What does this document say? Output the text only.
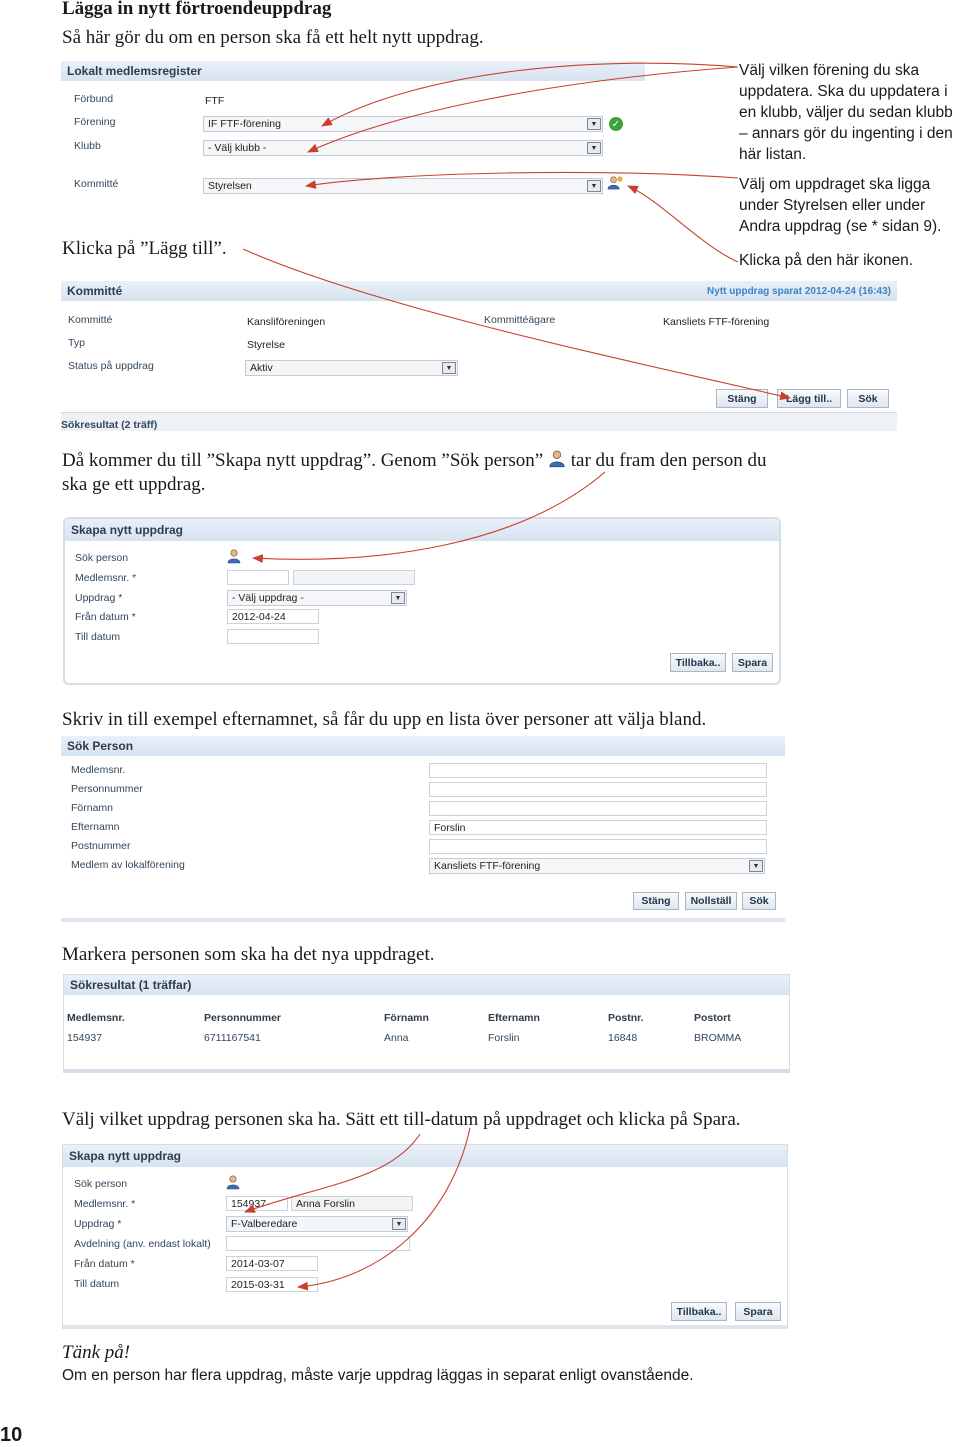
Lägga in nytt förtroendeuppdrag
Så här gör du om en person ska få ett helt nytt uppdrag.
Lokalt medlemsregister
Förbund	FTF
Förening	IF FTF-förening	▼	✓
Klubb	- Välj klubb -	▼
Kommitté	Styrelsen	▼
Välj vilken förening du ska
uppdatera. Ska du uppdatera i
en klubb, väljer du sedan klubb
– annars gör du ingenting i den
här listan.
Välj om uppdraget ska ligga
under Styrelsen eller under
Andra uppdrag (se * sidan 9).
Klicka på den här ikonen.
Klicka på ”Lägg till”.
Kommitté	Nytt uppdrag sparat 2012-04-24 (16:43)
Kommitté	Kanslіföreningen	Kommittéägare	Kansliets FTF-förening
Typ	Styrelse
Status på uppdrag	Aktiv	▼
Stäng	Lägg till..	Sök
Sökresultat (2 träff)
Då kommer du till ”Skapa nytt uppdrag”. Genom ”Sök person” tar du fram den person du
ska ge ett uppdrag.
Skapa nytt uppdrag
Sök person
Medlemsnr. *
Uppdrag *	- Välj uppdrag -	▼
Från datum *	2012-04-24
Till datum
Tillbaka..	Spara
Skriv in till exempel efternamnet, så får du upp en lista över personer att välja bland.
Sök Person
Medlemsnr.
Personnummer
Förnamn
Efternamn	Forslin
Postnummer
Medlem av lokalförening	Kansliets FTF-förening	▼
Stäng	Nollställ	Sök
Markera personen som ska ha det nya uppdraget.
Sökresultat (1 träffar)
Medlemsnr.	Personnummer	Förnamn	Efternamn	Postnr.	Postort
154937	6711167541	Anna	Forslin	16848	BROMMA
Välj vilket uppdrag personen ska ha. Sätt ett till-datum på uppdraget och klicka på Spara.
Skapa nytt uppdrag
Sök person
Medlemsnr. *	154937	Anna Forslin
Uppdrag *	F-Valberedare	▼
Avdelning (anv. endast lokalt)
Från datum *	2014-03-07
Till datum	2015-03-31
Tillbaka..	Spara
Tänk på!
Om en person har flera uppdrag, måste varje uppdrag läggas in separat enligt ovanstående.
10
